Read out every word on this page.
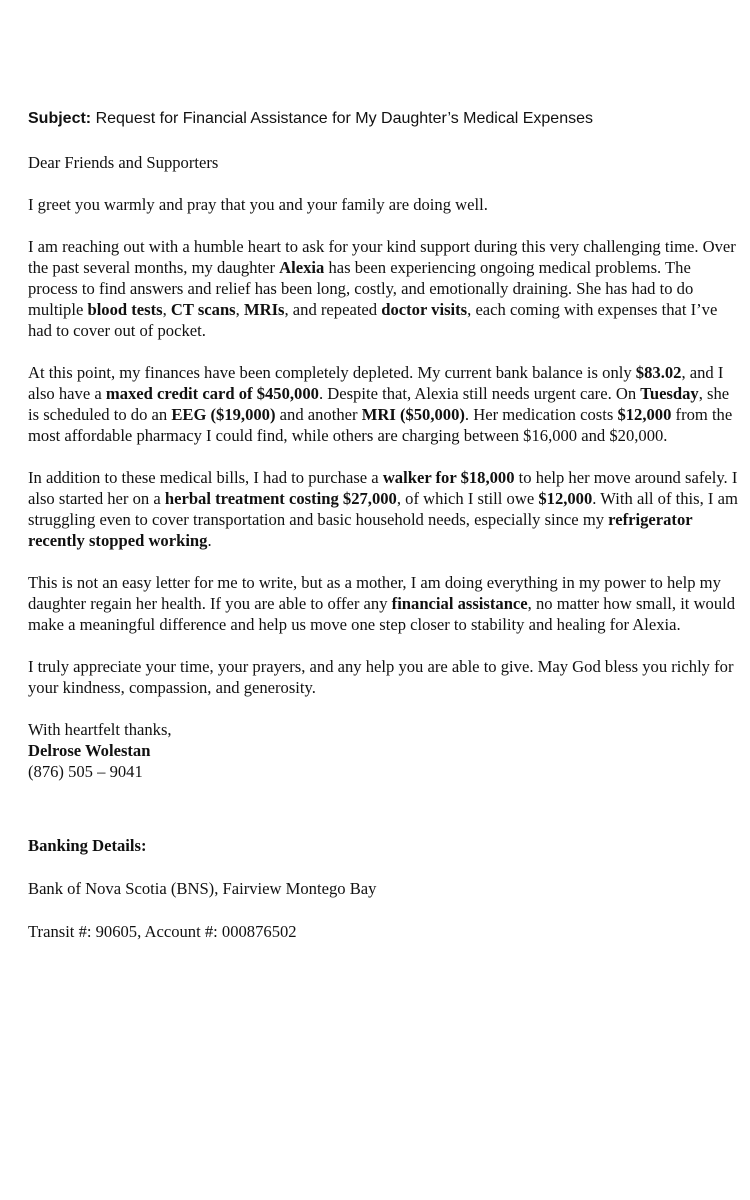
Subject: Request for Financial Assistance for My Daughter’s Medical Expenses

Dear Friends and Supporters

I greet you warmly and pray that you and your family are doing well.

I am reaching out with a humble heart to ask for your kind support during this very challenging time. Over the past several months, my daughter Alexia has been experiencing ongoing medical problems. The process to find answers and relief has been long, costly, and emotionally draining. She has had to do multiple blood tests, CT scans, MRIs, and repeated doctor visits, each coming with expenses that I’ve had to cover out of pocket.

At this point, my finances have been completely depleted. My current bank balance is only $83.02, and I also have a maxed credit card of $450,000. Despite that, Alexia still needs urgent care. On Tuesday, she is scheduled to do an EEG ($19,000) and another MRI ($50,000). Her medication costs $12,000 from the most affordable pharmacy I could find, while others are charging between $16,000 and $20,000.

In addition to these medical bills, I had to purchase a walker for $18,000 to help her move around safely. I also started her on a herbal treatment costing $27,000, of which I still owe $12,000. With all of this, I am struggling even to cover transportation and basic household needs, especially since my refrigerator recently stopped working.

This is not an easy letter for me to write, but as a mother, I am doing everything in my power to help my daughter regain her health. If you are able to offer any financial assistance, no matter how small, it would make a meaningful difference and help us move one step closer to stability and healing for Alexia.

I truly appreciate your time, your prayers, and any help you are able to give. May God bless you richly for your kindness, compassion, and generosity.

With heartfelt thanks,
Delrose Wolestan
(876) 505 – 9041
Banking Details:
Bank of Nova Scotia (BNS), Fairview Montego Bay
Transit #: 90605, Account #: 000876502
